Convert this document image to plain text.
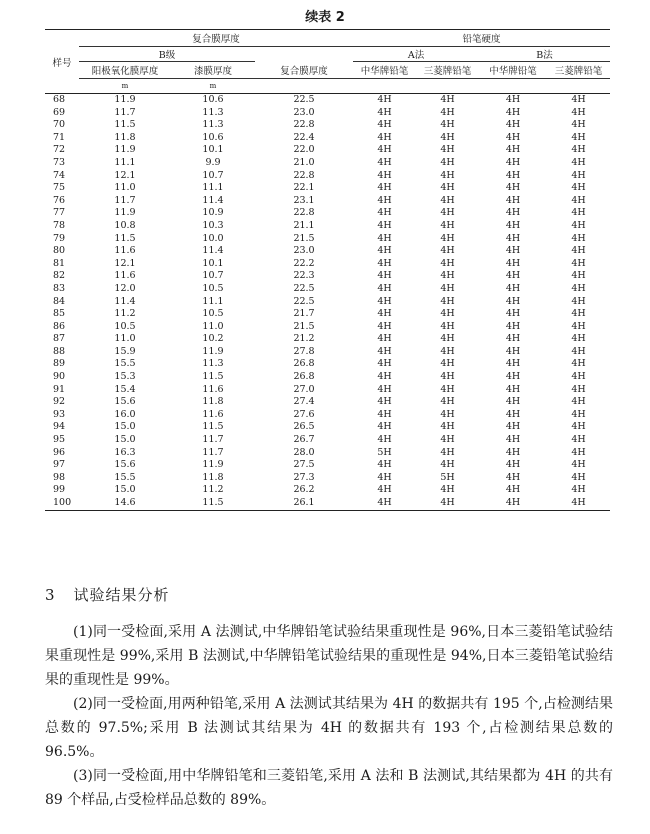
续表 2
样号	复合膜厚度			铅笔硬度			
	B级			A法		B法	
	阳极氧化膜厚度	漆膜厚度	复合膜厚度	中华牌铅笔	三菱牌铅笔	中华牌铅笔	三菱牌铅笔
	m	m					
68	11.9	10.6	22.5	4H	4H	4H	4H
69	11.7	11.3	23.0	4H	4H	4H	4H
70	11.5	11.3	22.8	4H	4H	4H	4H
71	11.8	10.6	22.4	4H	4H	4H	4H
72	11.9	10.1	22.0	4H	4H	4H	4H
73	11.1	9.9	21.0	4H	4H	4H	4H
74	12.1	10.7	22.8	4H	4H	4H	4H
75	11.0	11.1	22.1	4H	4H	4H	4H
76	11.7	11.4	23.1	4H	4H	4H	4H
77	11.9	10.9	22.8	4H	4H	4H	4H
78	10.8	10.3	21.1	4H	4H	4H	4H
79	11.5	10.0	21.5	4H	4H	4H	4H
80	11.6	11.4	23.0	4H	4H	4H	4H
81	12.1	10.1	22.2	4H	4H	4H	4H
82	11.6	10.7	22.3	4H	4H	4H	4H
83	12.0	10.5	22.5	4H	4H	4H	4H
84	11.4	11.1	22.5	4H	4H	4H	4H
85	11.2	10.5	21.7	4H	4H	4H	4H
86	10.5	11.0	21.5	4H	4H	4H	4H
87	11.0	10.2	21.2	4H	4H	4H	4H
88	15.9	11.9	27.8	4H	4H	4H	4H
89	15.5	11.3	26.8	4H	4H	4H	4H
90	15.3	11.5	26.8	4H	4H	4H	4H
91	15.4	11.6	27.0	4H	4H	4H	4H
92	15.6	11.8	27.4	4H	4H	4H	4H
93	16.0	11.6	27.6	4H	4H	4H	4H
94	15.0	11.5	26.5	4H	4H	4H	4H
95	15.0	11.7	26.7	4H	4H	4H	4H
96	16.3	11.7	28.0	5H	4H	4H	4H
97	15.6	11.9	27.5	4H	4H	4H	4H
98	15.5	11.8	27.3	4H	5H	4H	4H
99	15.0	11.2	26.2	4H	4H	4H	4H
100	14.6	11.5	26.1	4H	4H	4H	4H
3 试验结果分析

(1)同一受检面,采用 A 法测试,中华牌铅笔试验结果重现性是 96%,日本三菱铅笔试验结果重现性是 99%,采用 B 法测试,中华牌铅笔试验结果的重现性是 94%,日本三菱铅笔试验结果的重现性是 99%。

(2)同一受检面,用两种铅笔,采用 A 法测试其结果为 4H 的数据共有 195 个,占检测结果总数的 97.5%;采用 B 法测试其结果为 4H 的数据共有 193 个,占检测结果总数的 96.5%。

(3)同一受检面,用中华牌铅笔和三菱铅笔,采用 A 法和 B 法测试,其结果都为 4H 的共有 89 个样品,占受检样品总数的 89%。
